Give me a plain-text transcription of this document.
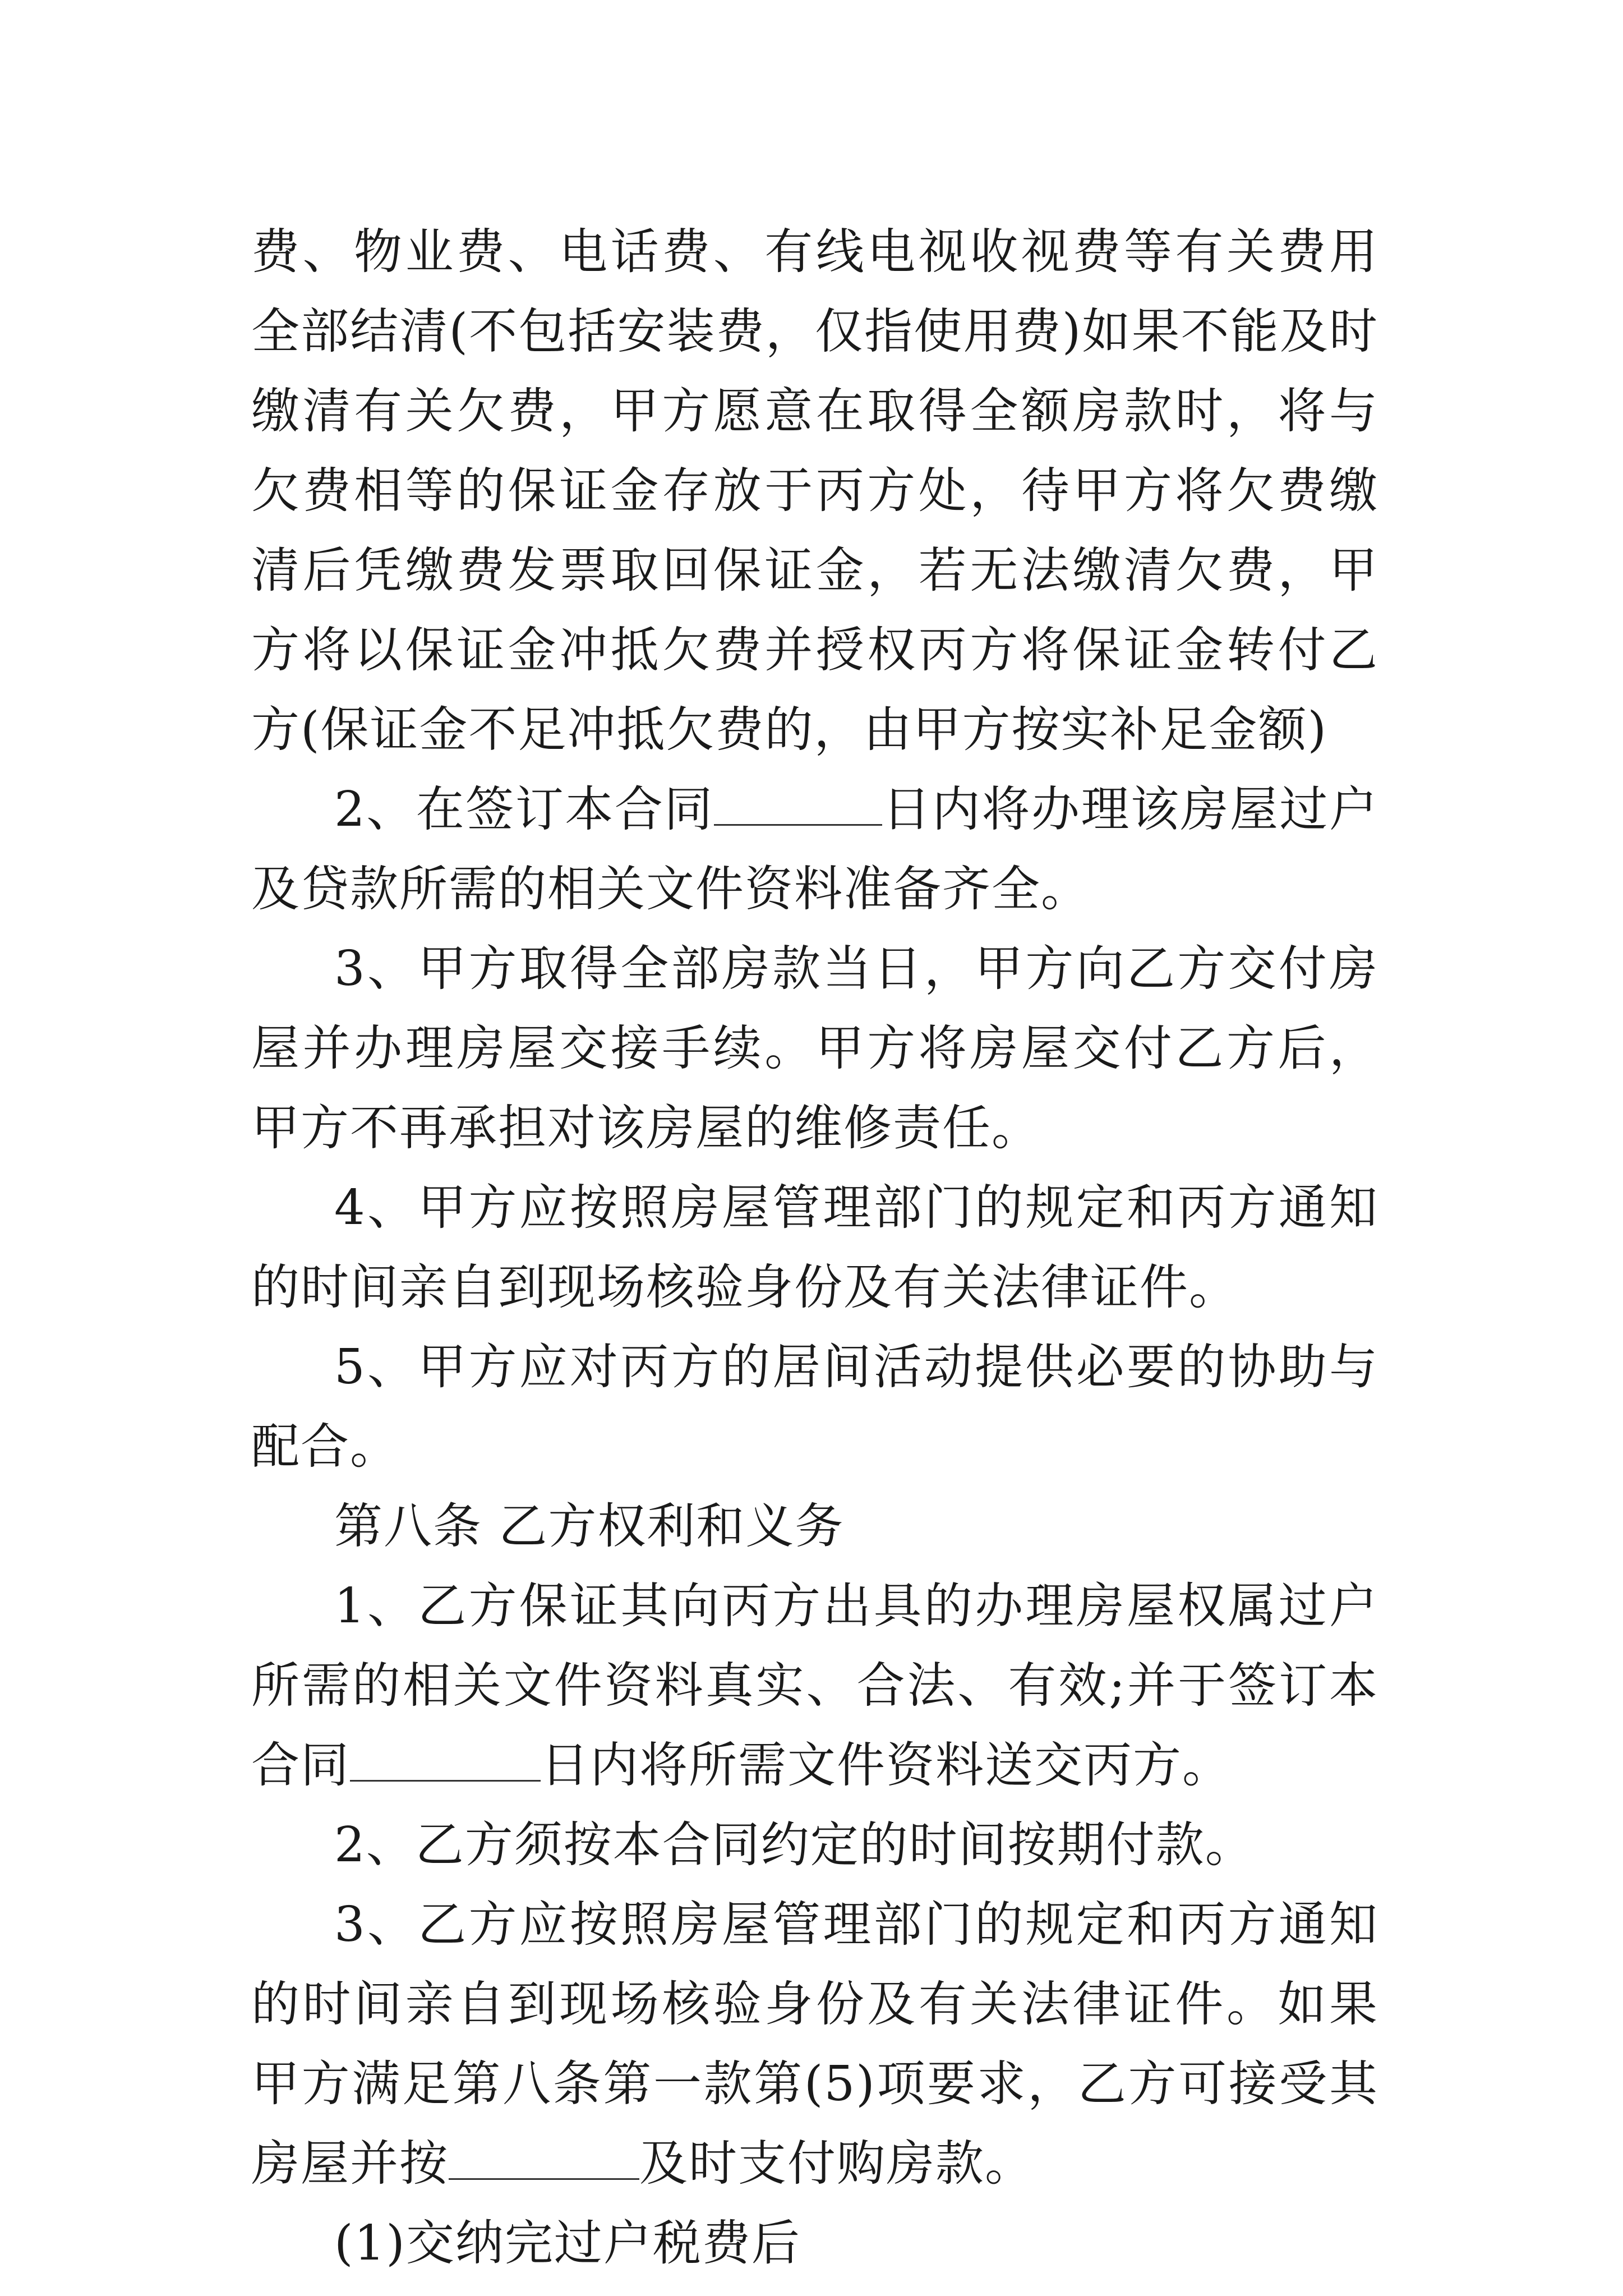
费、物业费、电话费、有线电视收视费等有关费用全部结清(不包括安装费，仅指使用费)如果不能及时缴清有关欠费，甲方愿意在取得全额房款时，将与欠费相等的保证金存放于丙方处，待甲方将欠费缴清后凭缴费发票取回保证金，若无法缴清欠费，甲方将以保证金冲抵欠费并授权丙方将保证金转付乙方(保证金不足冲抵欠费的，由甲方按实补足金额)

2、在签订本合同	日内将办理该房屋过户及贷款所需的相关文件资料准备齐全。

3、甲方取得全部房款当日，甲方向乙方交付房屋并办理房屋交接手续。甲方将房屋交付乙方后，甲方不再承担对该房屋的维修责任。

4、甲方应按照房屋管理部门的规定和丙方通知的时间亲自到现场核验身份及有关法律证件。

5、甲方应对丙方的居间活动提供必要的协助与配合。

第八条 乙方权利和义务

1、乙方保证其向丙方出具的办理房屋权属过户所需的相关文件资料真实、合法、有效;并于签订本合同	日内将所需文件资料送交丙方。

2、乙方须按本合同约定的时间按期付款。

3、乙方应按照房屋管理部门的规定和丙方通知的时间亲自到现场核验身份及有关法律证件。如果甲方满足第八条第一款第(5)项要求，乙方可接受其房屋并按	及时支付购房款。

(1)交纳完过户税费后
